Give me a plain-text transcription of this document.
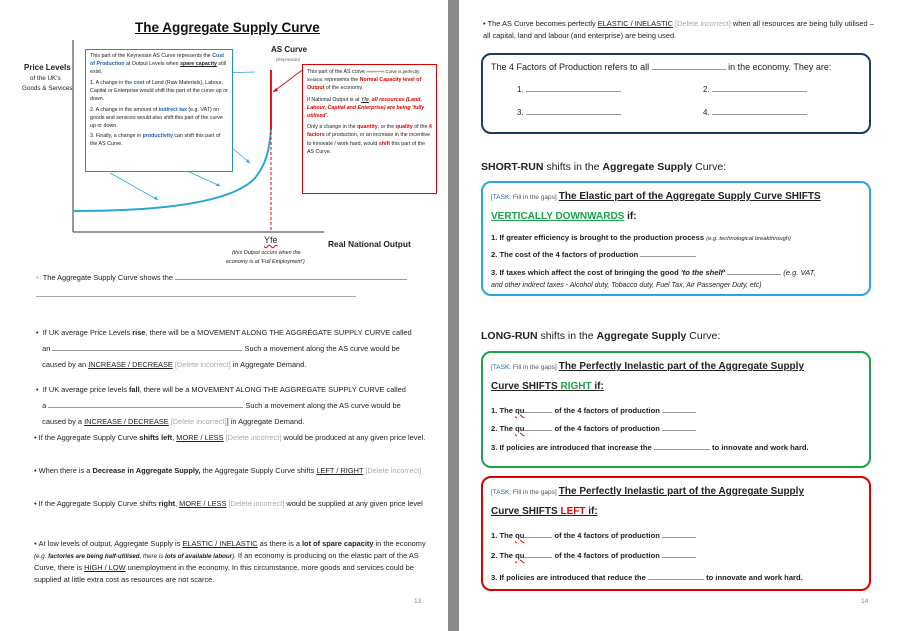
The Aggregate Supply Curve
Price Levels
of the UK's
Goods & Services
AS Curve
(Keynesian)

This part of the Keynesian AS Curve represents the Cost of Production at Output Levels when spare capacity still exist.

1. A change in the cost of Land (Raw Materials), Labour, Capital or Enterprise would shift this part of the curve up or down.

2. A change in the amount of indirect tax (e.g. VAT) on goods and services would also shift this part of the curve up or down.

3. Finally, a change in productivity can shift this part of the AS Curve.

This part of the AS curve is/are AS Curve is perfectly inelastic represents the Normal Capacity level of Output of the economy.

If National Output is at Yfe, all resources (Land, Labour, Capital and Enterprise) are being 'fully utilised'.

Only a change in the quantity, or the quality of the 4 factors of production, or an increase in the incentive to innovate / work hard, would shift this part of the AS Curve.

Yfe	Real National Output
(this Output occurs when the
economy is at 'Full Employment')
• The Aggregate Supply Curve shows the
•  If UK average Price Levels rise, there will be a MOVEMENT ALONG THE AGGREGATE SUPPLY CURVE called
an	Such a movement along the AS curve would be
caused by an INCREASE / DECREASE [Delete incorrect] in Aggregate Demand.
•  If UK average price levels fall, there will be a MOVEMENT ALONG THE AGGREGATE SUPPLY CURVE called
a	Such a movement along the AS curve would be
caused by a INCREASE / DECREASE [Delete incorrect]] in Aggregate Demand.
• If the Aggregate Supply Curve shifts left, MORE / LESS [Delete incorrect] would be produced at any given price level.
• When there is a Decrease in Aggregate Supply, the Aggregate Supply Curve shifts LEFT / RIGHT [Delete incorrect]
• If the Aggregate Supply Curve shifts right, MORE / LESS [Delete incorrect] would be supplied at any given price level
• At low levels of output, Aggregate Supply is ELASTIC / INELASTIC as there is a lot of spare capacity in the economy (e.g. factories are being half-utilised, there is lots of available labour). If an economy is producing on the elastic part of the AS Curve, there is HIGH / LOW unemployment in the economy. In this circumstance, more goods and services could be supplied at little extra cost as resources are not scarce.
13
• The AS Curve becomes perfectly ELASTIC / INELASTIC [Delete incorrect] when all resources are being fully utilised – all capital, land and labour (and enterprise) are being used.
The 4 Factors of Production refers to all	in the economy. They are:
1.	2.
3.	4.
SHORT-RUN shifts in the Aggregate Supply Curve:
[TASK: Fill in the gaps] The Elastic part of the Aggregate Supply Curve SHIFTS
VERTICALLY DOWNWARDS if:
1. If greater efficiency is brought to the production process (e.g. technological breakthrough)
2. The cost of the 4 factors of production
3. If taxes which affect the cost of bringing the good 'to the shelf'	(e.g. VAT,
and other indirect taxes - Alcohol duty, Tobacco duty, Fuel Tax, Air Passenger Duty, etc)
LONG-RUN shifts in the Aggregate Supply Curve:
[TASK: Fill in the gaps] The Perfectly Inelastic part of the Aggregate Supply
Curve SHIFTS RIGHT if:
1. The qu	of the 4 factors of production
2. The qu	of the 4 factors of production
3. If policies are introduced that increase the	to innovate and work hard.
[TASK: Fill in the gaps] The Perfectly Inelastic part of the Aggregate Supply
Curve SHIFTS LEFT if:
1. The qu	of the 4 factors of production
2. The qu	of the 4 factors of production
3. If policies are introduced that reduce the	to innovate and work hard.
14
